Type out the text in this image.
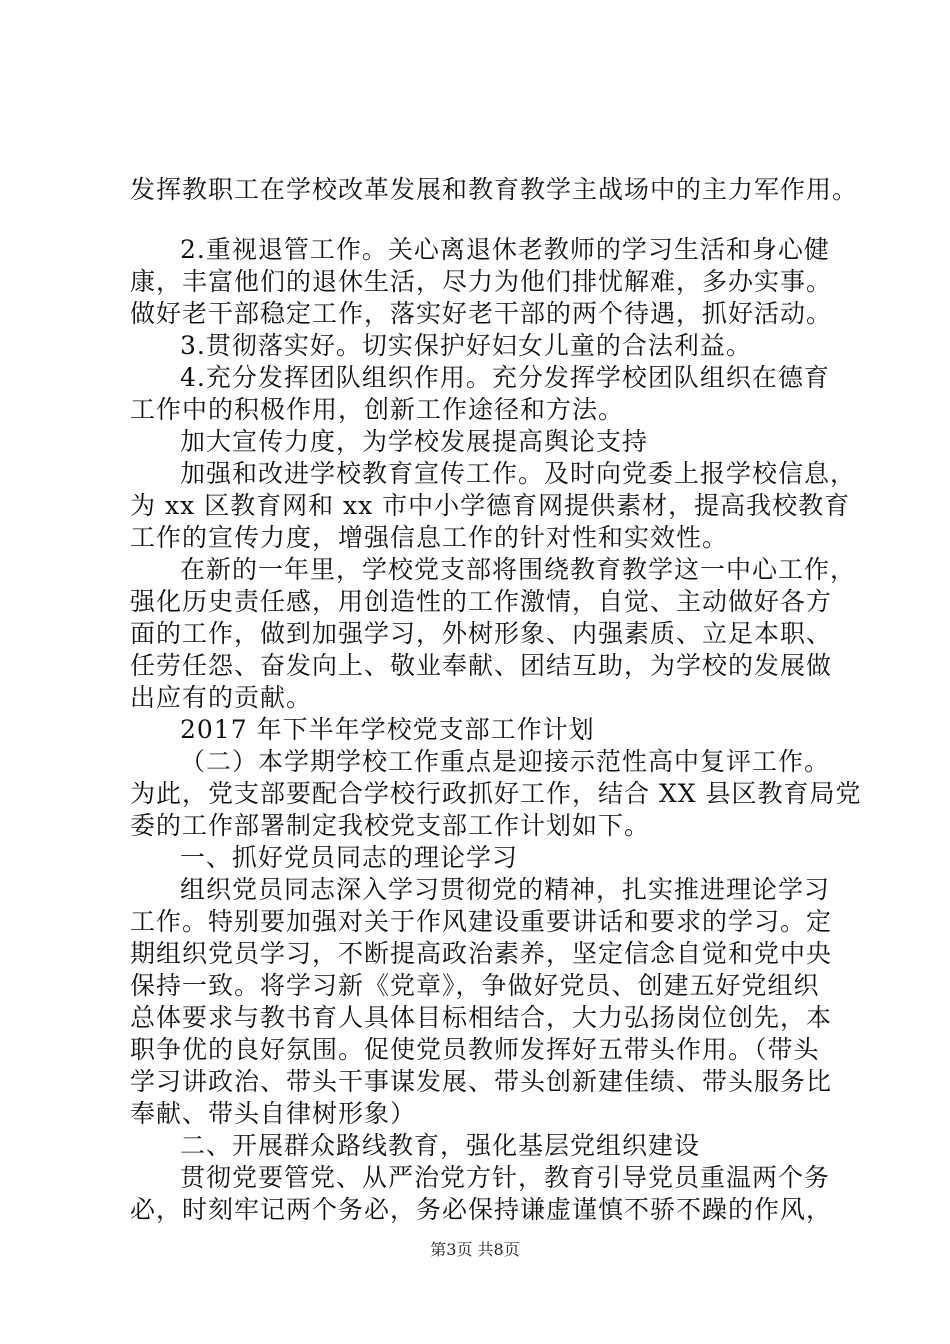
发挥教职工在学校改革发展和教育教学主战场中的主力军作用。
2.重视退管工作。关心离退休老教师的学习生活和身心健
康，丰富他们的退休生活，尽力为他们排忧解难，多办实事。
做好老干部稳定工作，落实好老干部的两个待遇，抓好活动。
3.贯彻落实好。切实保护好妇女儿童的合法利益。
4.充分发挥团队组织作用。充分发挥学校团队组织在德育
工作中的积极作用，创新工作途径和方法。
加大宣传力度，为学校发展提高舆论支持
加强和改进学校教育宣传工作。及时向党委上报学校信息，
为 xx 区教育网和 xx 市中小学德育网提供素材，提高我校教育
工作的宣传力度，增强信息工作的针对性和实效性。
在新的一年里，学校党支部将围绕教育教学这一中心工作，
强化历史责任感，用创造性的工作激情，自觉、主动做好各方
面的工作，做到加强学习，外树形象、内强素质、立足本职、
任劳任怨、奋发向上、敬业奉献、团结互助，为学校的发展做
出应有的贡献。
2017 年下半年学校党支部工作计划
（二）本学期学校工作重点是迎接示范性高中复评工作。
为此，党支部要配合学校行政抓好工作，结合 XX 县区教育局党
委的工作部署制定我校党支部工作计划如下。
一、抓好党员同志的理论学习
组织党员同志深入学习贯彻党的精神，扎实推进理论学习
工作。特别要加强对关于作风建设重要讲话和要求的学习。定
期组织党员学习，不断提高政治素养，坚定信念自觉和党中央
保持一致。将学习新《党章》，争做好党员、创建五好党组织
总体要求与教书育人具体目标相结合，大力弘扬岗位创先，本
职争优的良好氛围。促使党员教师发挥好五带头作用。（带头
学习讲政治、带头干事谋发展、带头创新建佳绩、带头服务比
奉献、带头自律树形象）
二、开展群众路线教育，强化基层党组织建设
贯彻党要管党、从严治党方针，教育引导党员重温两个务
必，时刻牢记两个务必，务必保持谦虚谨慎不骄不躁的作风，
第3页 共8页
